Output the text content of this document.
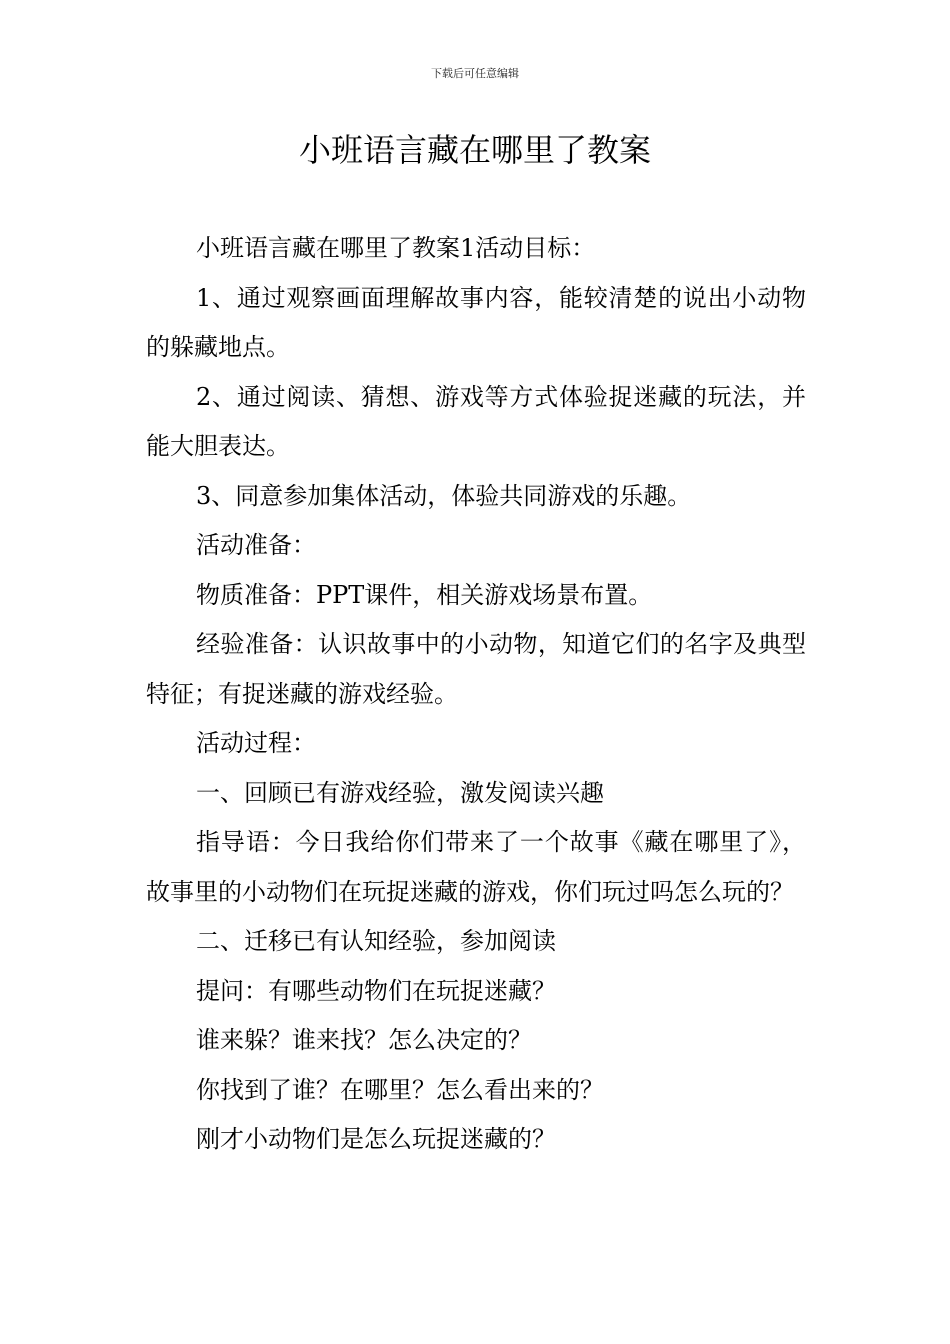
下载后可任意编辑
小班语言藏在哪里了教案

小班语言藏在哪里了教案1活动目标：

1、通过观察画面理解故事内容，能较清楚的说出小动物的躲藏地点。

2、通过阅读、猜想、游戏等方式体验捉迷藏的玩法，并能大胆表达。

3、同意参加集体活动，体验共同游戏的乐趣。

活动准备：

物质准备：PPT课件，相关游戏场景布置。

经验准备：认识故事中的小动物，知道它们的名字及典型特征；有捉迷藏的游戏经验。

活动过程：

一、回顾已有游戏经验，激发阅读兴趣

指导语：今日我给你们带来了一个故事《藏在哪里了》，故事里的小动物们在玩捉迷藏的游戏，你们玩过吗怎么玩的？

二、迁移已有认知经验，参加阅读

提问：有哪些动物们在玩捉迷藏？

谁来躲？谁来找？怎么决定的？

你找到了谁？在哪里？怎么看出来的？

刚才小动物们是怎么玩捉迷藏的？
